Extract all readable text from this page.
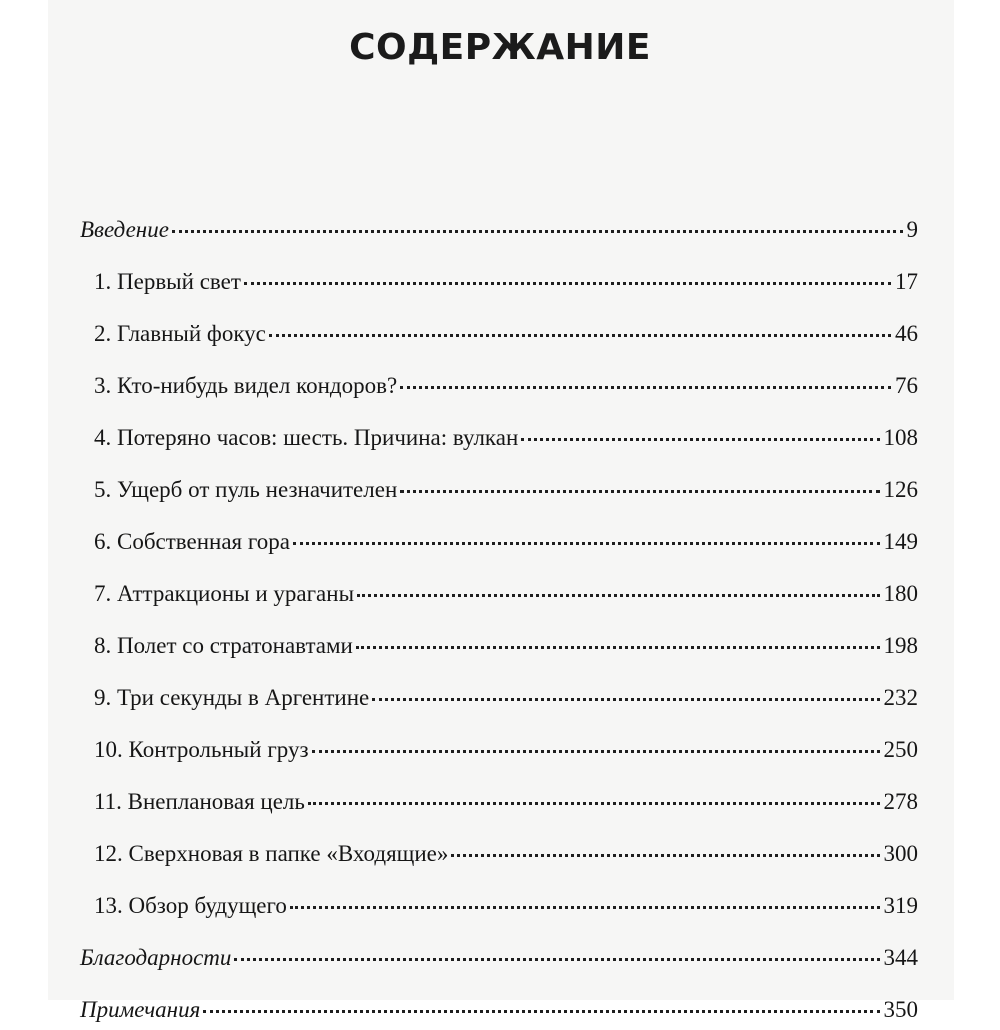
СОДЕРЖАНИЕ
Введение	9
1. Первый свет	17
2. Главный фокус	46
3. Кто-нибудь видел кондоров?	76
4. Потеряно часов: шесть. Причина: вулкан	108
5. Ущерб от пуль незначителен	126
6. Собственная гора	149
7. Аттракционы и ураганы	180
8. Полет со стратонавтами	198
9. Три секунды в Аргентине	232
10. Контрольный груз	250
11. Внеплановая цель	278
12. Сверхновая в папке «Входящие»	300
13. Обзор будущего	319
Благодарности	344
Примечания	350
